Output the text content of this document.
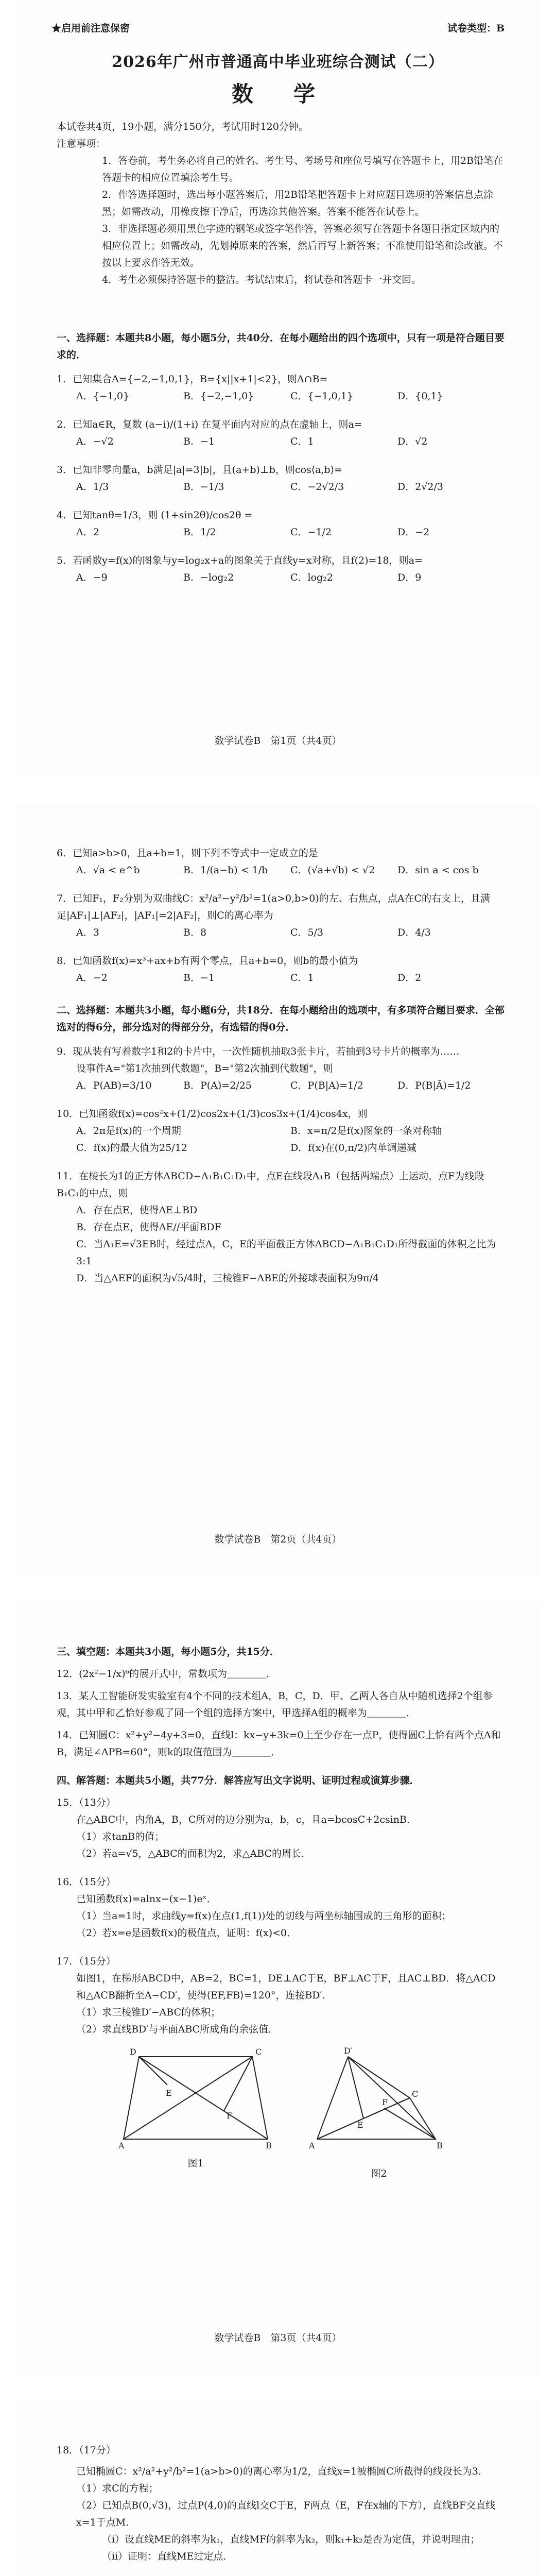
★启用前注意保密	试卷类型：B
2026年广州市普通高中毕业班综合测试（二）
数　学
本试卷共4页，19小题，满分150分，考试用时120分钟。
注意事项：
1．答卷前，考生务必将自己的姓名、考生号、考场号和座位号填写在答题卡上，用2B铅笔在答题卡的相应位置填涂考生号。
2．作答选择题时，选出每小题答案后，用2B铅笔把答题卡上对应题目选项的答案信息点涂黑；如需改动，用橡皮擦干净后，再选涂其他答案。答案不能答在试卷上。
3．非选择题必须用黑色字迹的钢笔或签字笔作答，答案必须写在答题卡各题目指定区域内的相应位置上；如需改动，先划掉原来的答案，然后再写上新答案；不准使用铅笔和涂改液。不按以上要求作答无效。
4．考生必须保持答题卡的整洁。考试结束后，将试卷和答题卡一并交回。
一、选择题：本题共8小题，每小题5分，共40分．在每小题给出的四个选项中，只有一项是符合题目要求的．
1．已知集合A={−2,−1,0,1}，B={x||x+1|<2}，则A∩B=
A．{−1,0}	B．{−2,−1,0}	C．{−1,0,1}	D．{0,1}
2．已知a∈R，复数 (a−i)/(1+i) 在复平面内对应的点在虚轴上，则a=
A．−√2	B．−1	C．1	D．√2
3．已知非零向量a，b满足|a|=3|b|，且(a+b)⊥b，则cos⟨a,b⟩=
A．1/3	B．−1/3	C．−2√2/3	D．2√2/3
4．已知tanθ=1/3，则 (1+sin2θ)/cos2θ =
A．2	B．1/2	C．−1/2	D．−2
5．若函数y=f(x)的图象与y=log₂x+a的图象关于直线y=x对称，且f(2)=18，则a=
A．−9	B．−log₂2	C．log₂2	D．9
数学试卷B　第1页（共4页）
6．已知a>b>0，且a+b=1，则下列不等式中一定成立的是
A．√a < e^b	B．1/(a−b) < 1/b	C．(√a+√b) < √2	D．sin a < cos b
7．已知F₁，F₂分别为双曲线C：x²/a²−y²/b²=1(a>0,b>0)的左、右焦点，点A在C的右支上，且满足|AF₁|⊥|AF₂|，|AF₁|=2|AF₂|，则C的离心率为
A．3	B．8	C．5/3	D．4/3
8．已知函数f(x)=x³+ax+b有两个零点，且a+b=0，则b的最小值为
A．−2	B．−1	C．1	D．2
二、选择题：本题共3小题，每小题6分，共18分．在每小题给出的选项中，有多项符合题目要求．全部选对的得6分，部分选对的得部分分，有选错的得0分．
9．现从装有写着数字1和2的卡片中，一次性随机抽取3张卡片，若抽到3号卡片的概率为……
设事件A="第1次抽到代数题"，B="第2次抽到代数题"，则
A．P(AB)=3/10	B．P(A)=2/25	C．P(B|A)=1/2	D．P(B|Ā)=1/2
10．已知函数f(x)=cos²x+(1/2)cos2x+(1/3)cos3x+(1/4)cos4x，则
A．2π是f(x)的一个周期	B．x=π/2是f(x)图象的一条对称轴
C．f(x)的最大值为25/12	D．f(x)在(0,π/2)内单调递减
11．在棱长为1的正方体ABCD−A₁B₁C₁D₁中，点E在线段A₁B（包括两端点）上运动，点F为线段B₁C₁的中点，则
A．存在点E，使得AE⊥BD
B．存在点E，使得AE//平面BDF
C．当A₁E=√3EB时，经过点A，C，E的平面截正方体ABCD−A₁B₁C₁D₁所得截面的体积之比为3:1
D．当△AEF的面积为√5/4时，三棱锥F−ABE的外接球表面积为9π/4
数学试卷B　第2页（共4页）
三、填空题：本题共3小题，每小题5分，共15分．
12．(2x²−1/x)⁶的展开式中，常数项为＿＿＿＿．
13．某人工智能研发实验室有4个不同的技术组A，B，C，D．甲、乙两人各自从中随机选择2个组参观，其中甲和乙恰好参观了同一个组的选择方案中，甲选择A组的概率为＿＿＿＿．
14．已知圆C：x²+y²−4y+3=0，直线l：kx−y+3k=0上至少存在一点P，使得圆C上恰有两个点A和B，满足∠APB=60°，则k的取值范围为＿＿＿＿．
四、解答题：本题共5小题，共77分．解答应写出文字说明、证明过程或演算步骤．
15．（13分）
在△ABC中，内角A，B，C所对的边分别为a，b，c，且a=bcosC+2csinB．
（1）求tanB的值；
（2）若a=√5，△ABC的面积为2，求△ABC的周长．
16．（15分）
已知函数f(x)=alnx−(x−1)eˣ．
（1）当a=1时，求曲线y=f(x)在点(1,f(1))处的切线与两坐标轴围成的三角形的面积；
（2）若x=e是函数f(x)的极值点，证明：f(x)<0．
17．（15分）
如图1，在梯形ABCD中，AB=2，BC=1，DE⊥AC于E，BF⊥AC于F，且AC⊥BD．将△ACD和△ACB翻折至A−CD′，使得⟨EF,FB⟩=120°，连接BD′．
（1）求三棱锥D′−ABC的体积；
（2）求直线BD′与平面ABC所成角的余弦值．
D	C
A	B
E
F
图1

D′
C
A	B
E
F
图2
数学试卷B　第3页（共4页）
18．（17分）
已知椭圆C：x²/a²+y²/b²=1(a>b>0)的离心率为1/2，直线x=1被椭圆C所截得的线段长为3．
（1）求C的方程；
（2）已知点B(0,√3)，过点P(4,0)的直线l交C于E，F两点（E，F在x轴的下方），直线BF交直线x=1于点M．
（ⅰ）设直线ME的斜率为k₁，直线MF的斜率为k₂，则k₁+k₂是否为定值，并说明理由；
（ⅱ）证明：直线ME过定点．
